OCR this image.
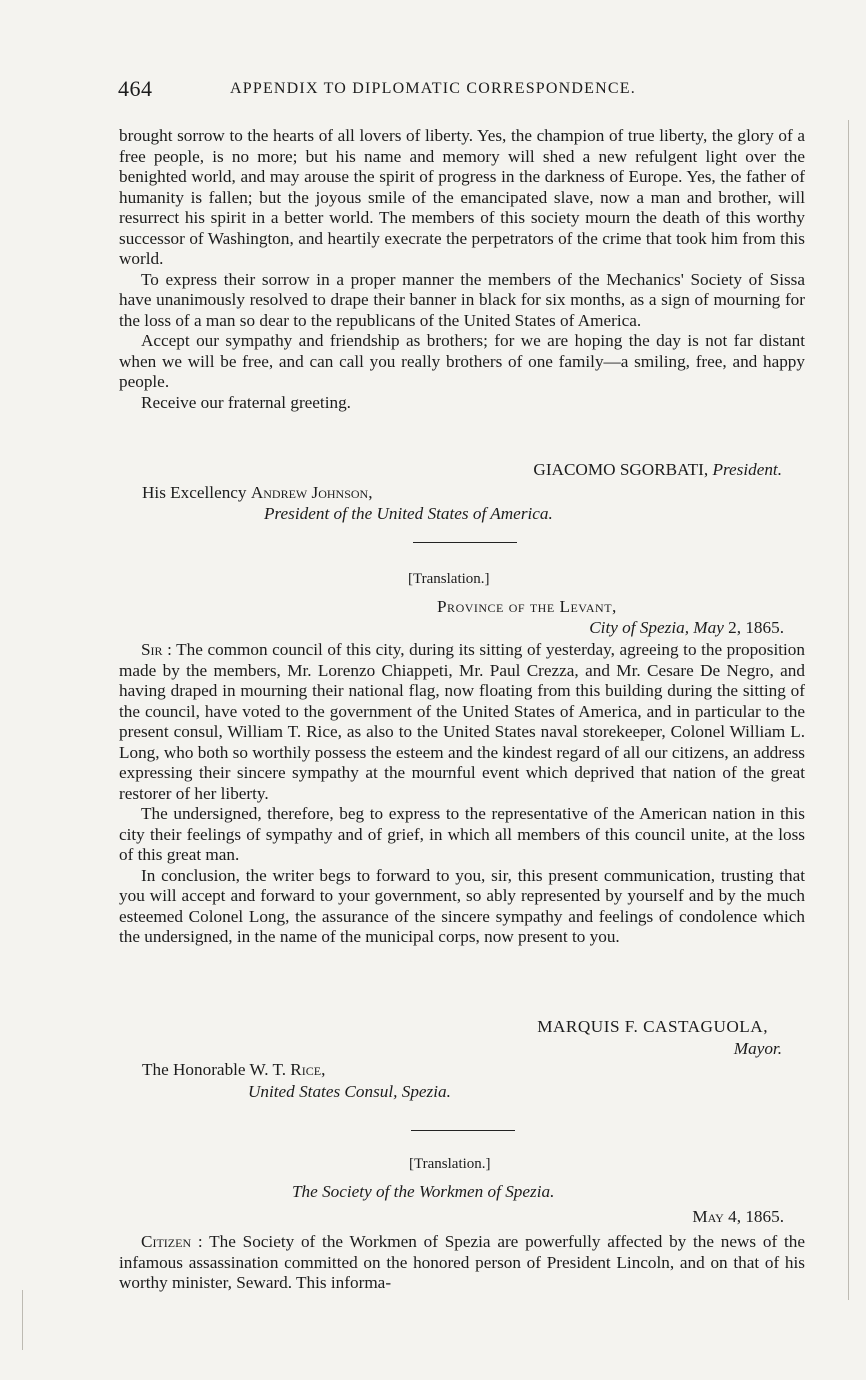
464	APPENDIX TO DIPLOMATIC CORRESPONDENCE.

brought sorrow to the hearts of all lovers of liberty. Yes, the champion of true liberty, the glory of a free people, is no more; but his name and memory will shed a new refulgent light over the benighted world, and may arouse the spirit of progress in the darkness of Europe. Yes, the father of humanity is fallen; but the joyous smile of the emancipated slave, now a man and brother, will resurrect his spirit in a better world. The members of this society mourn the death of this worthy successor of Washington, and heartily execrate the perpetrators of the crime that took him from this world.

To express their sorrow in a proper manner the members of the Mechanics' Society of Sissa have unanimously resolved to drape their banner in black for six months, as a sign of mourning for the loss of a man so dear to the republicans of the United States of America.

Accept our sympathy and friendship as brothers; for we are hoping the day is not far distant when we will be free, and can call you really brothers of one family—a smiling, free, and happy people.

Receive our fraternal greeting.

GIACOMO SGORBATI, President.
His Excellency Andrew Johnson,
President of the United States of America.
[Translation.]
Province of the Levant,
City of Spezia, May 2, 1865.

Sir : The common council of this city, during its sitting of yesterday, agreeing to the proposition made by the members, Mr. Lorenzo Chiappeti, Mr. Paul Crezza, and Mr. Cesare De Negro, and having draped in mourning their national flag, now floating from this building during the sitting of the council, have voted to the government of the United States of America, and in particular to the present consul, William T. Rice, as also to the United States naval storekeeper, Colonel William L. Long, who both so worthily possess the esteem and the kindest regard of all our citizens, an address expressing their sincere sympathy at the mournful event which deprived that nation of the great restorer of her liberty.

The undersigned, therefore, beg to express to the representative of the American nation in this city their feelings of sympathy and of grief, in which all members of this council unite, at the loss of this great man.

In conclusion, the writer begs to forward to you, sir, this present communication, trusting that you will accept and forward to your government, so ably represented by yourself and by the much esteemed Colonel Long, the assurance of the sincere sympathy and feelings of condolence which the undersigned, in the name of the municipal corps, now present to you.

MARQUIS F. CASTAGUOLA,
Mayor.
The Honorable W. T. Rice,
United States Consul, Spezia.
[Translation.]
The Society of the Workmen of Spezia.
May 4, 1865.

Citizen : The Society of the Workmen of Spezia are powerfully affected by the news of the infamous assassination committed on the honored person of President Lincoln, and on that of his worthy minister, Seward. This informa-
